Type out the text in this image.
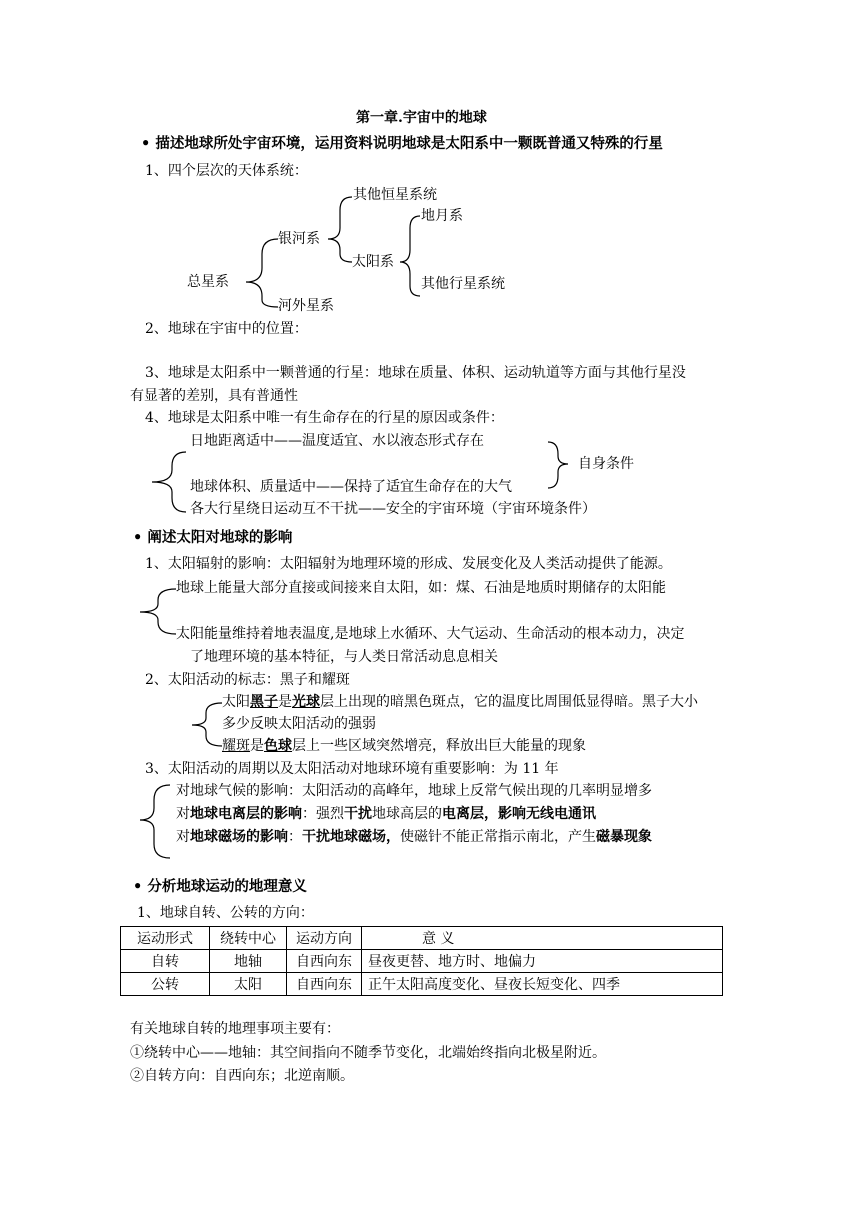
第一章.宇宙中的地球
• 描述地球所处宇宙环境，运用资料说明地球是太阳系中一颗既普通又特殊的行星
1、四个层次的天体系统：
其他恒星系统
地月系
银河系
太阳系
总星系	其他行星系统
河外星系
2、地球在宇宙中的位置：
3、地球是太阳系中一颗普通的行星：地球在质量、体积、运动轨道等方面与其他行星没
有显著的差别，具有普通性
4、地球是太阳系中唯一有生命存在的行星的原因或条件：
日地距离适中——温度适宜、水以液态形式存在
自身条件
地球体积、质量适中——保持了适宜生命存在的大气
各大行星绕日运动互不干扰——安全的宇宙环境（宇宙环境条件）
• 阐述太阳对地球的影响
1、太阳辐射的影响：太阳辐射为地理环境的形成、发展变化及人类活动提供了能源。
地球上能量大部分直接或间接来自太阳，如：煤、石油是地质时期储存的太阳能
太阳能量维持着地表温度,是地球上水循环、大气运动、生命活动的根本动力，决定
了地理环境的基本特征，与人类日常活动息息相关
2、太阳活动的标志：黑子和耀斑
太阳黑子是光球层上出现的暗黑色斑点，它的温度比周围低显得暗。黑子大小
多少反映太阳活动的强弱
耀斑是色球层上一些区域突然增亮，释放出巨大能量的现象
3、太阳活动的周期以及太阳活动对地球环境有重要影响：为 11 年
对地球气候的影响：太阳活动的高峰年，地球上反常气候出现的几率明显增多
对地球电离层的影响：强烈干扰地球高层的电离层，影响无线电通讯
对地球磁场的影响：干扰地球磁场，使磁针不能正常指示南北，产生磁暴现象
• 分析地球运动的地理意义
1、地球自转、公转的方向：
运动形式	绕转中心	运动方向	意 义
自转	地轴	自西向东	昼夜更替、地方时、地偏力
公转	太阳	自西向东	正午太阳高度变化、昼夜长短变化、四季
有关地球自转的地理事项主要有：
①绕转中心——地轴：其空间指向不随季节变化，北端始终指向北极星附近。
②自转方向：自西向东；北逆南顺。
